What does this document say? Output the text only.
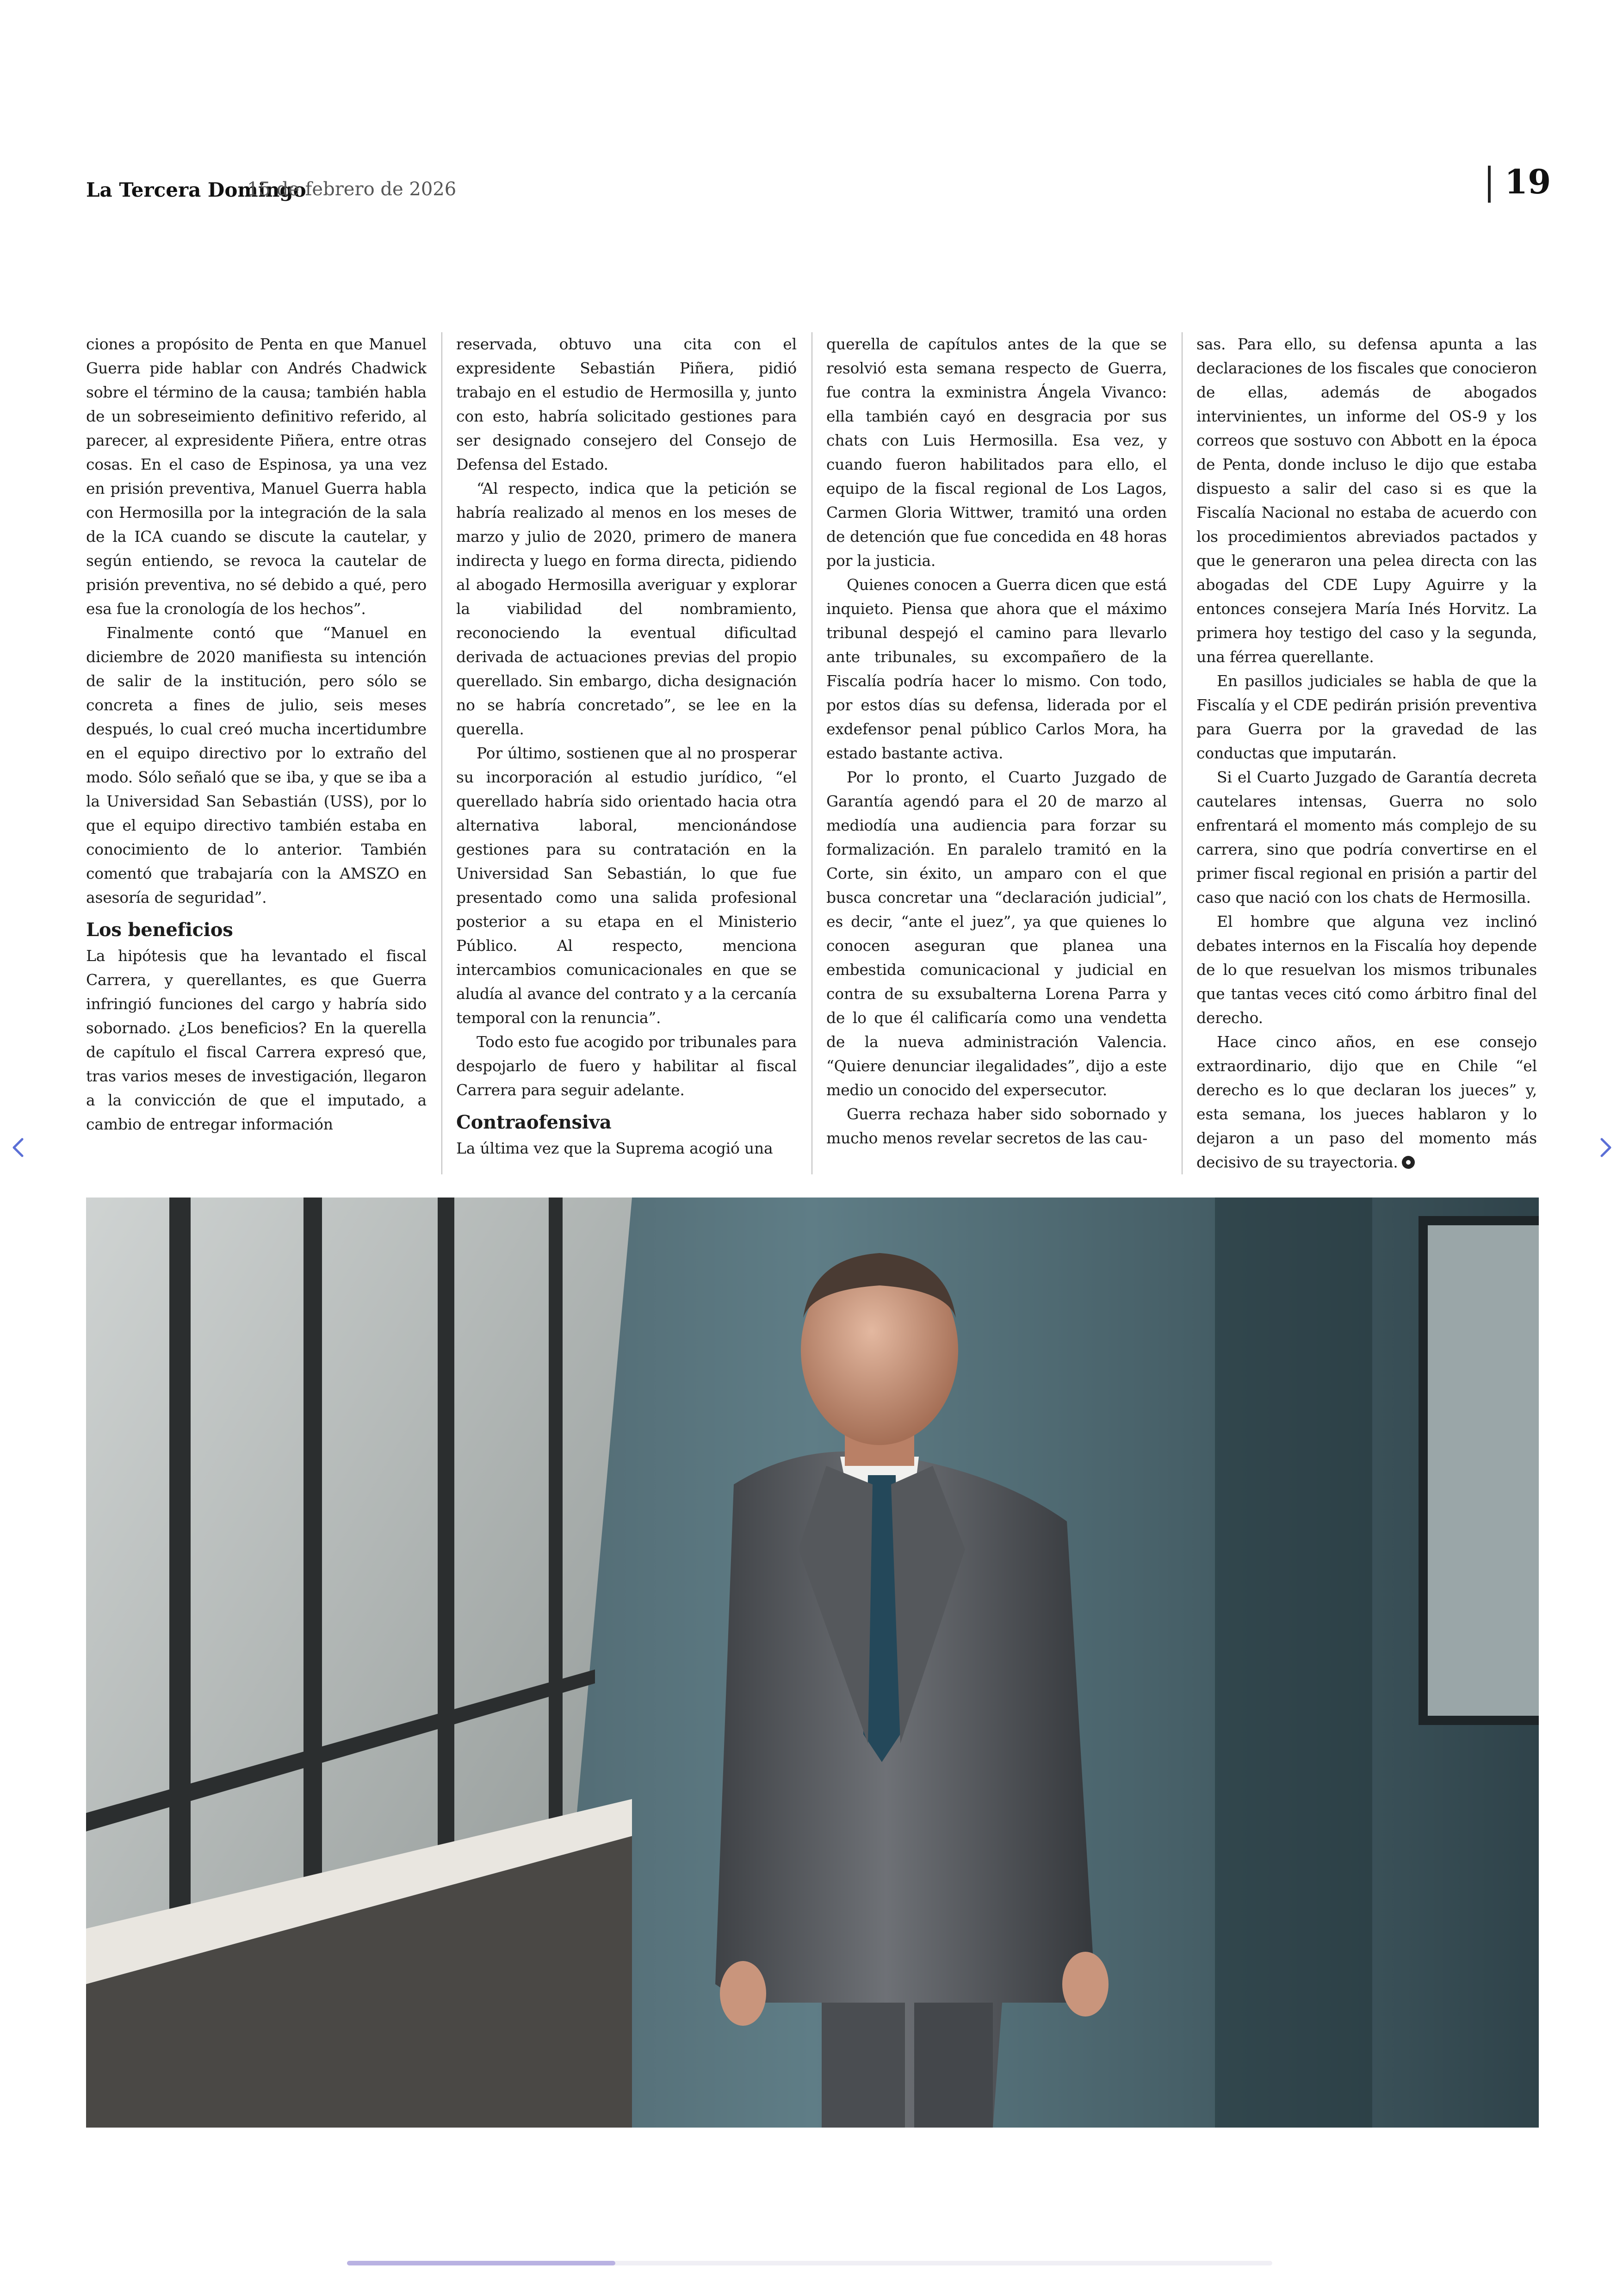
La Tercera Domingo
15 de febrero de 2026	19

ciones a propósito de Penta en que Manuel Guerra pide hablar con Andrés Chadwick sobre el término de la causa; también habla de un sobreseimiento definitivo referido, al parecer, al expresidente Piñera, entre otras cosas. En el caso de Espinosa, ya una vez en prisión preventiva, Manuel Guerra habla con Hermosilla por la integración de la sala de la ICA cuando se discute la cautelar, y según entiendo, se revoca la cautelar de prisión preventiva, no sé debido a qué, pero esa fue la cronología de los hechos”.

Finalmente contó que “Manuel en diciembre de 2020 manifiesta su intención de salir de la institución, pero sólo se concreta a fines de julio, seis meses después, lo cual creó mucha incertidumbre en el equipo directivo por lo extraño del modo. Sólo señaló que se iba, y que se iba a la Universidad San Sebastián (USS), por lo que el equipo directivo también estaba en conocimiento de lo anterior. También comentó que trabajaría con la AMSZO en asesoría de seguridad”.

Los beneficios

La hipótesis que ha levantado el fiscal Carrera, y querellantes, es que Guerra infringió funciones del cargo y habría sido sobornado. ¿Los beneficios? En la querella de capítulo el fiscal Carrera expresó que, tras varios meses de investigación, llegaron a la convicción de que el imputado, a cambio de entregar información

reservada, obtuvo una cita con el expresidente Sebastián Piñera, pidió trabajo en el estudio de Hermosilla y, junto con esto, habría solicitado gestiones para ser designado consejero del Consejo de Defensa del Estado.

“Al respecto, indica que la petición se habría realizado al menos en los meses de marzo y julio de 2020, primero de manera indirecta y luego en forma directa, pidiendo al abogado Hermosilla averiguar y explorar la viabilidad del nombramiento, reconociendo la eventual dificultad derivada de actuaciones previas del propio querellado. Sin embargo, dicha designación no se habría concretado”, se lee en la querella.

Por último, sostienen que al no prosperar su incorporación al estudio jurídico, “el querellado habría sido orientado hacia otra alternativa laboral, mencionándose gestiones para su contratación en la Universidad San Sebastián, lo que fue presentado como una salida profesional posterior a su etapa en el Ministerio Público. Al respecto, menciona intercambios comunicacionales en que se aludía al avance del contrato y a la cercanía temporal con la renuncia”.

Todo esto fue acogido por tribunales para despojarlo de fuero y habilitar al fiscal Carrera para seguir adelante.

Contraofensiva

La última vez que la Suprema acogió una

querella de capítulos antes de la que se resolvió esta semana respecto de Guerra, fue contra la exministra Ángela Vivanco: ella también cayó en desgracia por sus chats con Luis Hermosilla. Esa vez, y cuando fueron habilitados para ello, el equipo de la fiscal regional de Los Lagos, Carmen Gloria Wittwer, tramitó una orden de detención que fue concedida en 48 horas por la justicia.

Quienes conocen a Guerra dicen que está inquieto. Piensa que ahora que el máximo tribunal despejó el camino para llevarlo ante tribunales, su excompañero de la Fiscalía podría hacer lo mismo. Con todo, por estos días su defensa, liderada por el exdefensor penal público Carlos Mora, ha estado bastante activa.

Por lo pronto, el Cuarto Juzgado de Garantía agendó para el 20 de marzo al mediodía una audiencia para forzar su formalización. En paralelo tramitó en la Corte, sin éxito, un amparo con el que busca concretar una “declaración judicial”, es decir, “ante el juez”, ya que quienes lo conocen aseguran que planea una embestida comunicacional y judicial en contra de su exsubalterna Lorena Parra y de lo que él calificaría como una vendetta de la nueva administración Valencia. “Quiere denunciar ilegalidades”, dijo a este medio un conocido del expersecutor.

Guerra rechaza haber sido sobornado y mucho menos revelar secretos de las cau-

sas. Para ello, su defensa apunta a las declaraciones de los fiscales que conocieron de ellas, además de abogados intervinientes, un informe del OS-9 y los correos que sostuvo con Abbott en la época de Penta, donde incluso le dijo que estaba dispuesto a salir del caso si es que la Fiscalía Nacional no estaba de acuerdo con los procedimientos abreviados pactados y que le generaron una pelea directa con las abogadas del CDE Lupy Aguirre y la entonces consejera María Inés Horvitz. La primera hoy testigo del caso y la segunda, una férrea querellante.

En pasillos judiciales se habla de que la Fiscalía y el CDE pedirán prisión preventiva para Guerra por la gravedad de las conductas que imputarán.

Si el Cuarto Juzgado de Garantía decreta cautelares intensas, Guerra no solo enfrentará el momento más complejo de su carrera, sino que podría convertirse en el primer fiscal regional en prisión a partir del caso que nació con los chats de Hermosilla.

El hombre que alguna vez inclinó debates internos en la Fiscalía hoy depende de lo que resuelvan los mismos tribunales que tantas veces citó como árbitro final del derecho.

Hace cinco años, en ese consejo extraordinario, dijo que en Chile “el derecho es lo que declaran los jueces” y, esta semana, los jueces hablaron y lo dejaron a un paso del momento más decisivo de su trayectoria.
